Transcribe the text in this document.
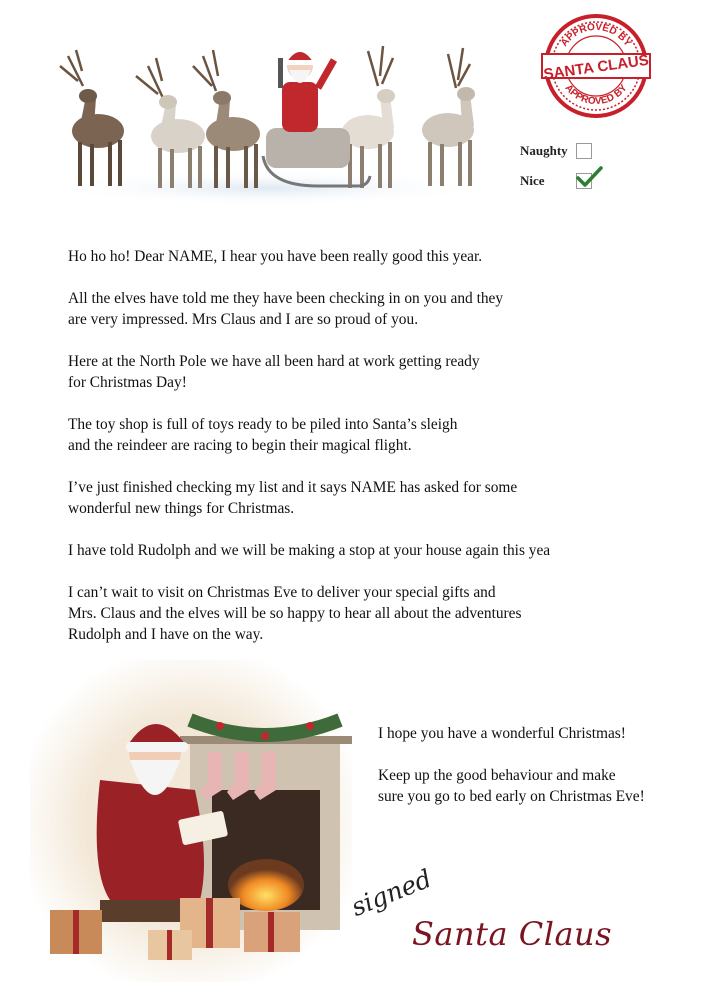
APPROVED BY
APPROVED BY
SANTA CLAUS
Naughty
Nice

Ho ho ho! Dear NAME, I hear you have been really good this year.

All the elves have told me they have been checking in on you and they
are very impressed. Mrs Claus and I are so proud of you.

Here at the North Pole we have all been hard at work getting ready
for Christmas Day!

The toy shop is full of toys ready to be piled into Santa’s sleigh
and the reindeer are racing to begin their magical flight.

I’ve just finished checking my list and it says NAME has asked for some
wonderful new things for Christmas.

I have told Rudolph and we will be making a stop at your house again this yea

I can’t wait to visit on Christmas Eve to deliver your special gifts and
Mrs. Claus and the elves will be so happy to hear all about the adventures
Rudolph and I have on the way.

I hope you have a wonderful Christmas!

Keep up the good behaviour and make
sure you go to bed early on Christmas Eve!

signed
Santa Claus
